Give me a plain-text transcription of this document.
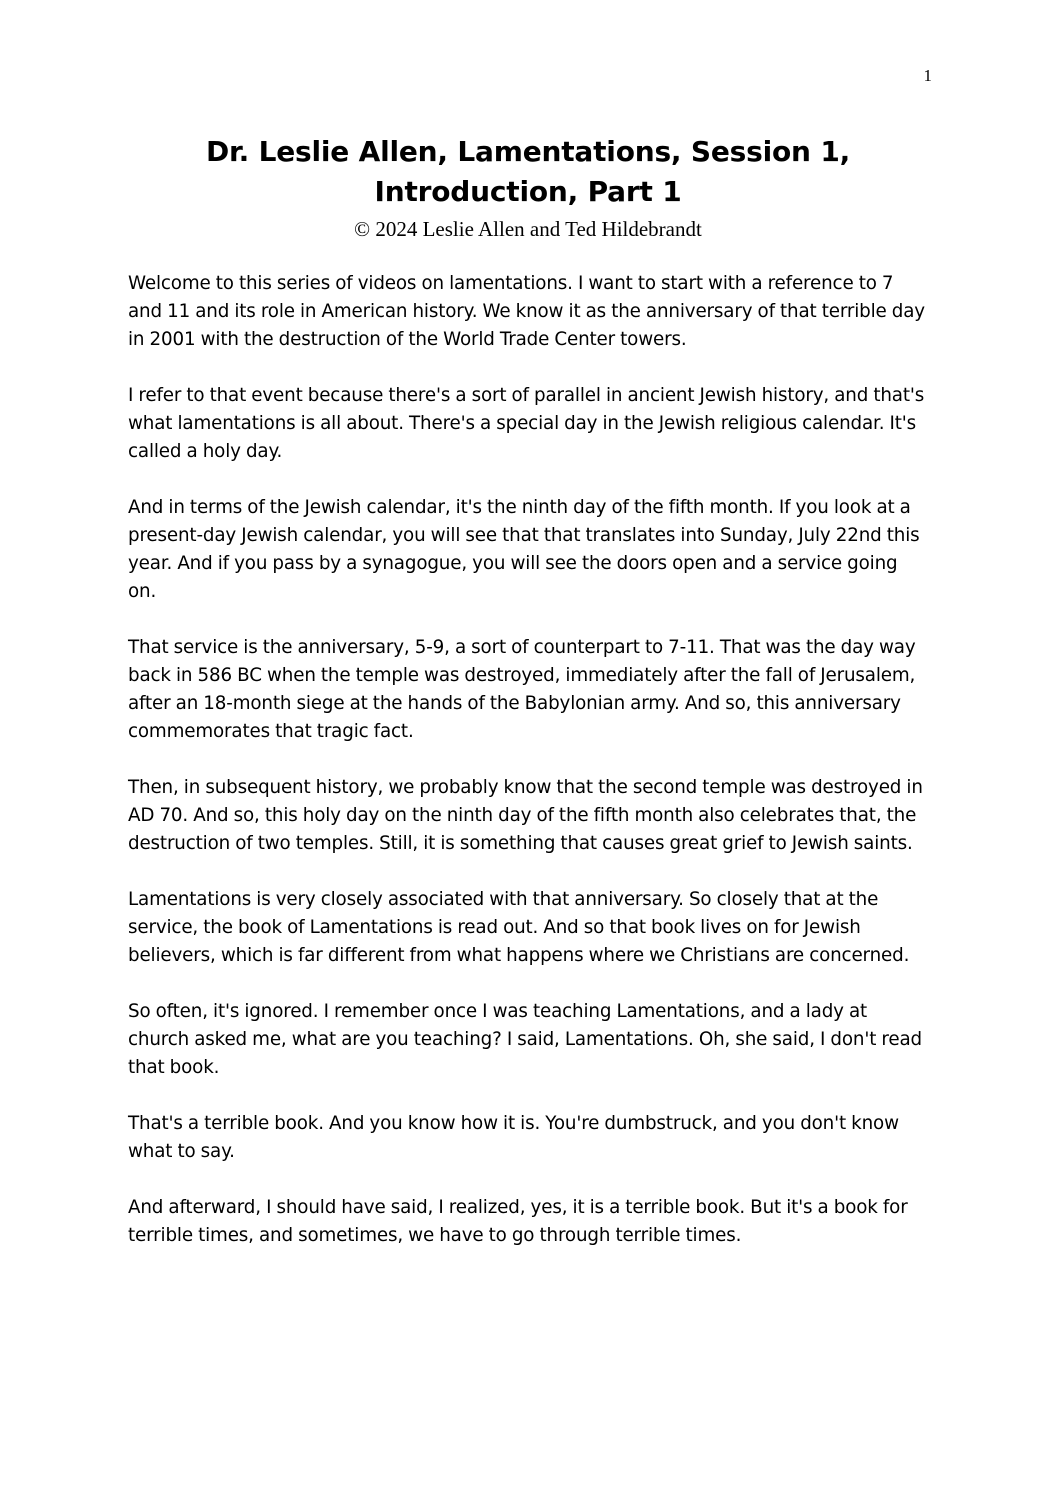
1
Dr. Leslie Allen, Lamentations, Session 1,
Introduction, Part 1
© 2024 Leslie Allen and Ted Hildebrandt

Welcome to this series of videos on lamentations. I want to start with a reference to 7 and 11 and its role in American history. We know it as the anniversary of that terrible day in 2001 with the destruction of the World Trade Center towers.

I refer to that event because there's a sort of parallel in ancient Jewish history, and that's what lamentations is all about. There's a special day in the Jewish religious calendar. It's called a holy day.

And in terms of the Jewish calendar, it's the ninth day of the fifth month. If you look at a present-day Jewish calendar, you will see that that translates into Sunday, July 22nd this year. And if you pass by a synagogue, you will see the doors open and a service going on.

That service is the anniversary, 5-9, a sort of counterpart to 7-11. That was the day way back in 586 BC when the temple was destroyed, immediately after the fall of Jerusalem, after an 18-month siege at the hands of the Babylonian army. And so, this anniversary commemorates that tragic fact.

Then, in subsequent history, we probably know that the second temple was destroyed in AD 70. And so, this holy day on the ninth day of the fifth month also celebrates that, the destruction of two temples. Still, it is something that causes great grief to Jewish saints.

Lamentations is very closely associated with that anniversary. So closely that at the service, the book of Lamentations is read out. And so that book lives on for Jewish believers, which is far different from what happens where we Christians are concerned.

So often, it's ignored. I remember once I was teaching Lamentations, and a lady at church asked me, what are you teaching? I said, Lamentations. Oh, she said, I don't read that book.

That's a terrible book. And you know how it is. You're dumbstruck, and you don't know what to say.

And afterward, I should have said, I realized, yes, it is a terrible book. But it's a book for terrible times, and sometimes, we have to go through terrible times.
